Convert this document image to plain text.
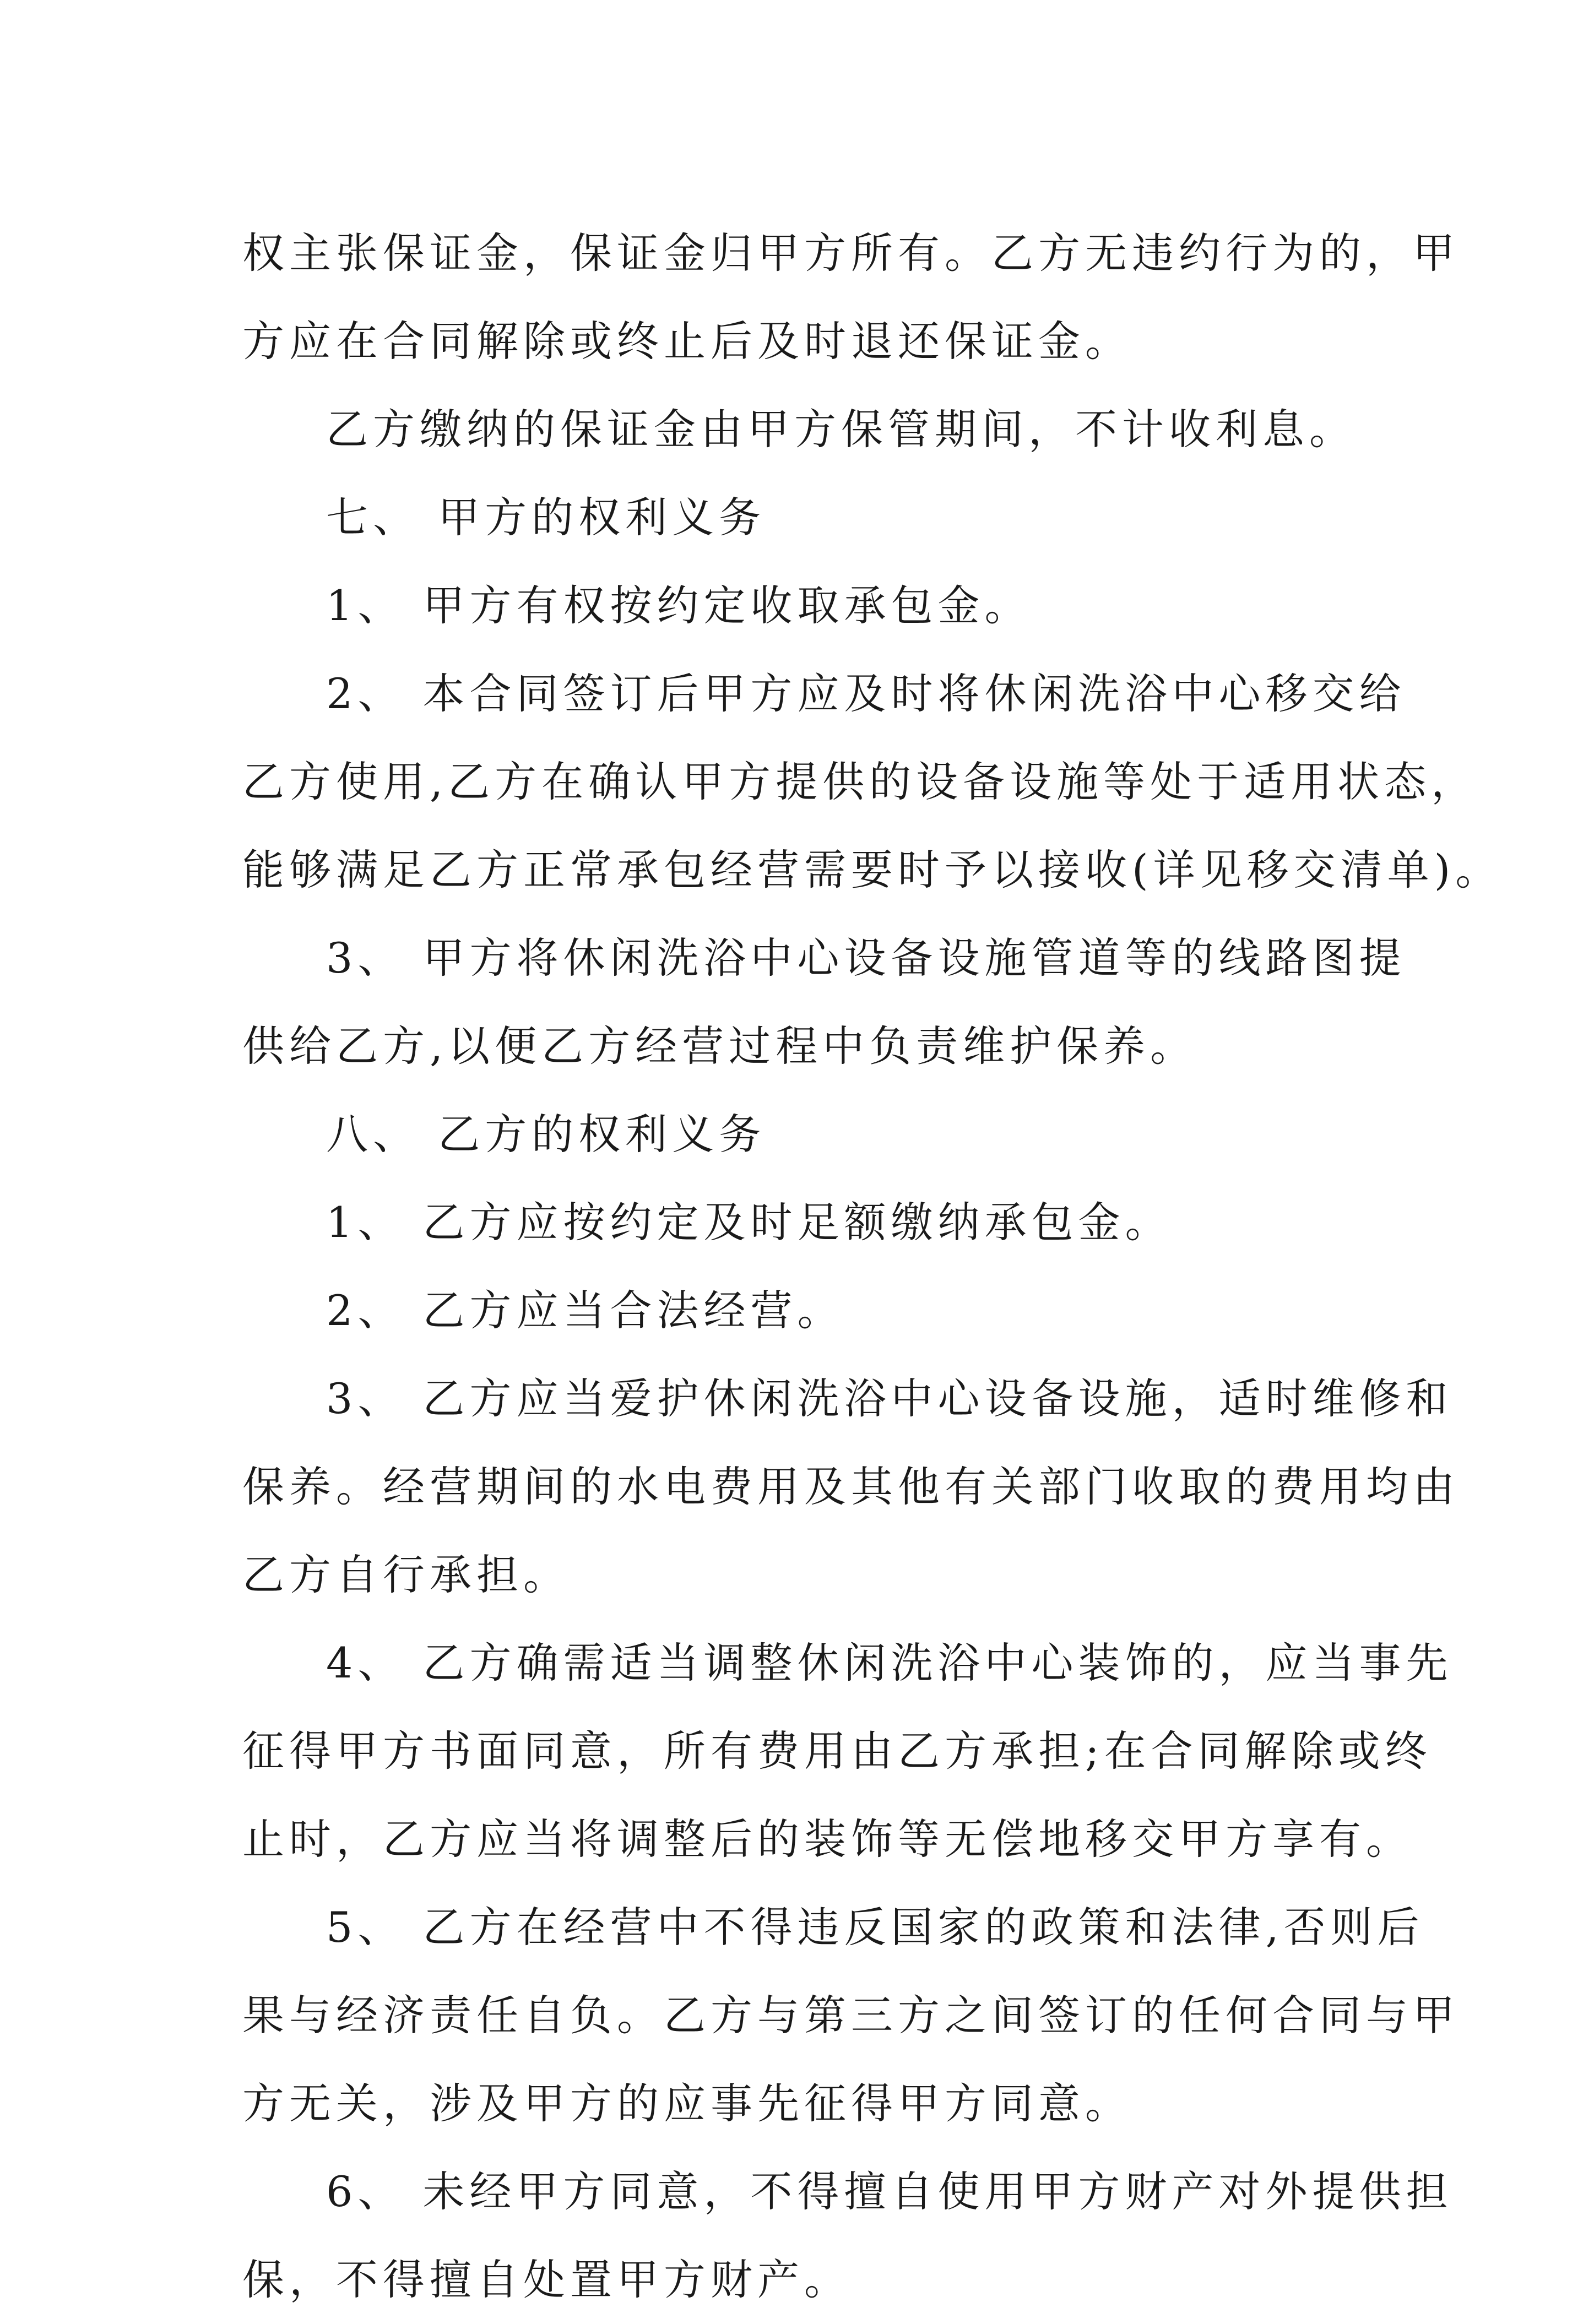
权主张保证金，保证金归甲方所有。乙方无违约行为的，甲
方应在合同解除或终止后及时退还保证金。
乙方缴纳的保证金由甲方保管期间，不计收利息。
七、 甲方的权利义务
1、 甲方有权按约定收取承包金。
2、 本合同签订后甲方应及时将休闲洗浴中心移交给
乙方使用,乙方在确认甲方提供的设备设施等处于适用状态，
能够满足乙方正常承包经营需要时予以接收(详见移交清单)。
3、 甲方将休闲洗浴中心设备设施管道等的线路图提
供给乙方,以便乙方经营过程中负责维护保养。
八、 乙方的权利义务
1、 乙方应按约定及时足额缴纳承包金。
2、 乙方应当合法经营。
3、 乙方应当爱护休闲洗浴中心设备设施，适时维修和
保养。经营期间的水电费用及其他有关部门收取的费用均由
乙方自行承担。
4、 乙方确需适当调整休闲洗浴中心装饰的，应当事先
征得甲方书面同意，所有费用由乙方承担;在合同解除或终
止时，乙方应当将调整后的装饰等无偿地移交甲方享有。
5、 乙方在经营中不得违反国家的政策和法律,否则后
果与经济责任自负。乙方与第三方之间签订的任何合同与甲
方无关，涉及甲方的应事先征得甲方同意。
6、 未经甲方同意，不得擅自使用甲方财产对外提供担
保，不得擅自处置甲方财产。
